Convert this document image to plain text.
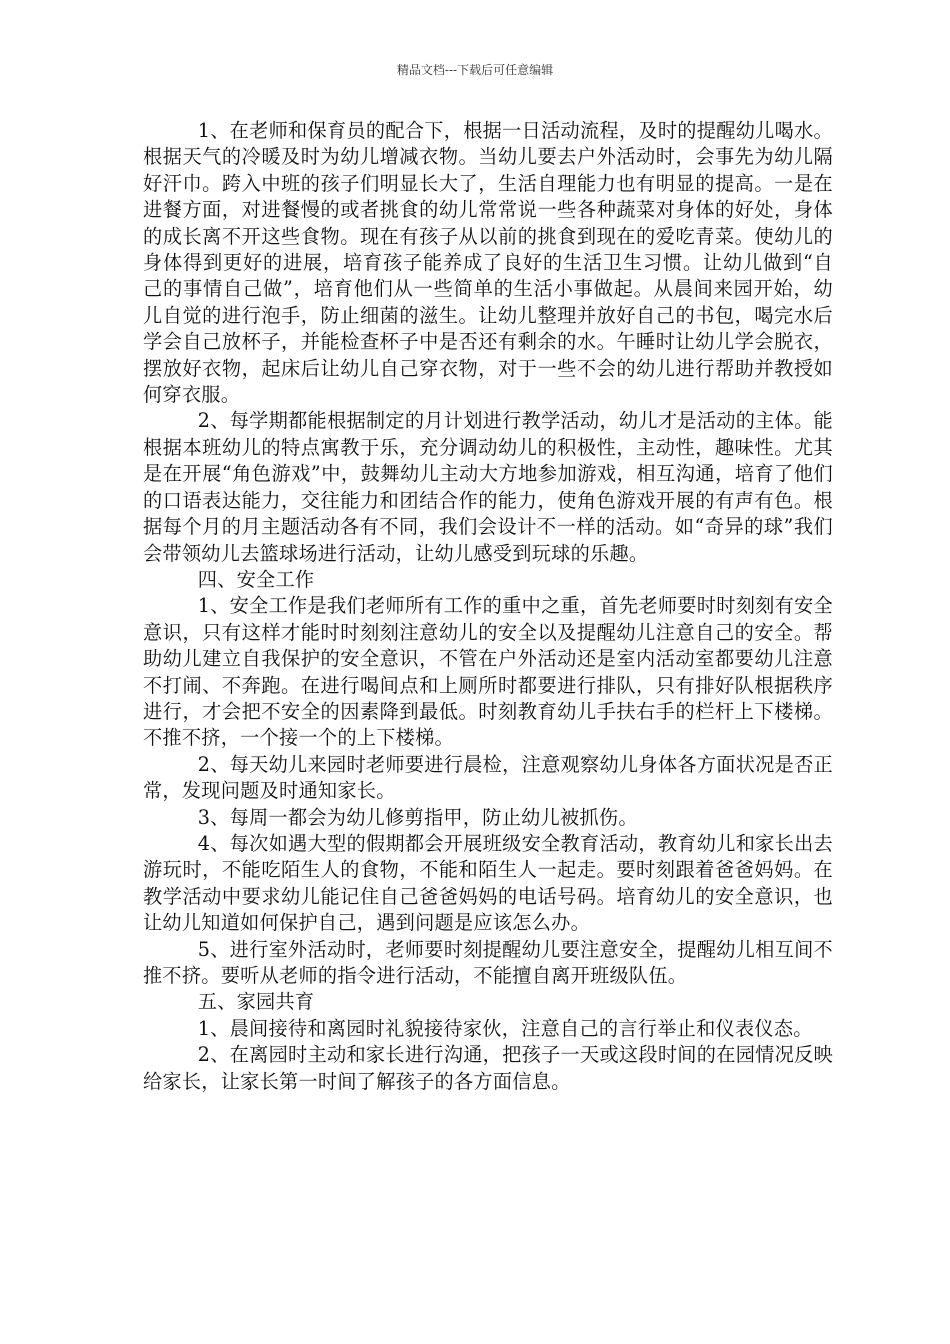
精品文档---下载后可任意编辑

1、在老师和保育员的配合下，根据一日活动流程，及时的提醒幼儿喝水。根据天气的冷暖及时为幼儿增减衣物。当幼儿要去户外活动时，会事先为幼儿隔好汗巾。跨入中班的孩子们明显长大了，生活自理能力也有明显的提高。一是在进餐方面，对进餐慢的或者挑食的幼儿常常说一些各种蔬菜对身体的好处，身体的成长离不开这些食物。现在有孩子从以前的挑食到现在的爱吃青菜。使幼儿的身体得到更好的进展，培育孩子能养成了良好的生活卫生习惯。让幼儿做到“自己的事情自己做”，培育他们从一些简单的生活小事做起。从晨间来园开始，幼儿自觉的进行泡手，防止细菌的滋生。让幼儿整理并放好自己的书包，喝完水后学会自己放杯子，并能检查杯子中是否还有剩余的水。午睡时让幼儿学会脱衣，摆放好衣物，起床后让幼儿自己穿衣物，对于一些不会的幼儿进行帮助并教授如何穿衣服。

2、每学期都能根据制定的月计划进行教学活动，幼儿才是活动的主体。能根据本班幼儿的特点寓教于乐，充分调动幼儿的积极性，主动性，趣味性。尤其是在开展“角色游戏”中，鼓舞幼儿主动大方地参加游戏，相互沟通，培育了他们的口语表达能力，交往能力和团结合作的能力，使角色游戏开展的有声有色。根据每个月的月主题活动各有不同，我们会设计不一样的活动。如“奇异的球”我们会带领幼儿去篮球场进行活动，让幼儿感受到玩球的乐趣。

四、安全工作

1、安全工作是我们老师所有工作的重中之重，首先老师要时时刻刻有安全意识，只有这样才能时时刻刻注意幼儿的安全以及提醒幼儿注意自己的安全。帮助幼儿建立自我保护的安全意识，不管在户外活动还是室内活动室都要幼儿注意不打闹、不奔跑。在进行喝间点和上厕所时都要进行排队，只有排好队根据秩序进行，才会把不安全的因素降到最低。时刻教育幼儿手扶右手的栏杆上下楼梯。不推不挤，一个接一个的上下楼梯。

2、每天幼儿来园时老师要进行晨检，注意观察幼儿身体各方面状况是否正常，发现问题及时通知家长。

3、每周一都会为幼儿修剪指甲，防止幼儿被抓伤。

4、每次如遇大型的假期都会开展班级安全教育活动，教育幼儿和家长出去游玩时，不能吃陌生人的食物，不能和陌生人一起走。要时刻跟着爸爸妈妈。在教学活动中要求幼儿能记住自己爸爸妈妈的电话号码。培育幼儿的安全意识，也让幼儿知道如何保护自己，遇到问题是应该怎么办。

5、进行室外活动时，老师要时刻提醒幼儿要注意安全，提醒幼儿相互间不推不挤。要听从老师的指令进行活动，不能擅自离开班级队伍。

五、家园共育

1、晨间接待和离园时礼貌接待家伙，注意自己的言行举止和仪表仪态。

2、在离园时主动和家长进行沟通，把孩子一天或这段时间的在园情况反映给家长，让家长第一时间了解孩子的各方面信息。
